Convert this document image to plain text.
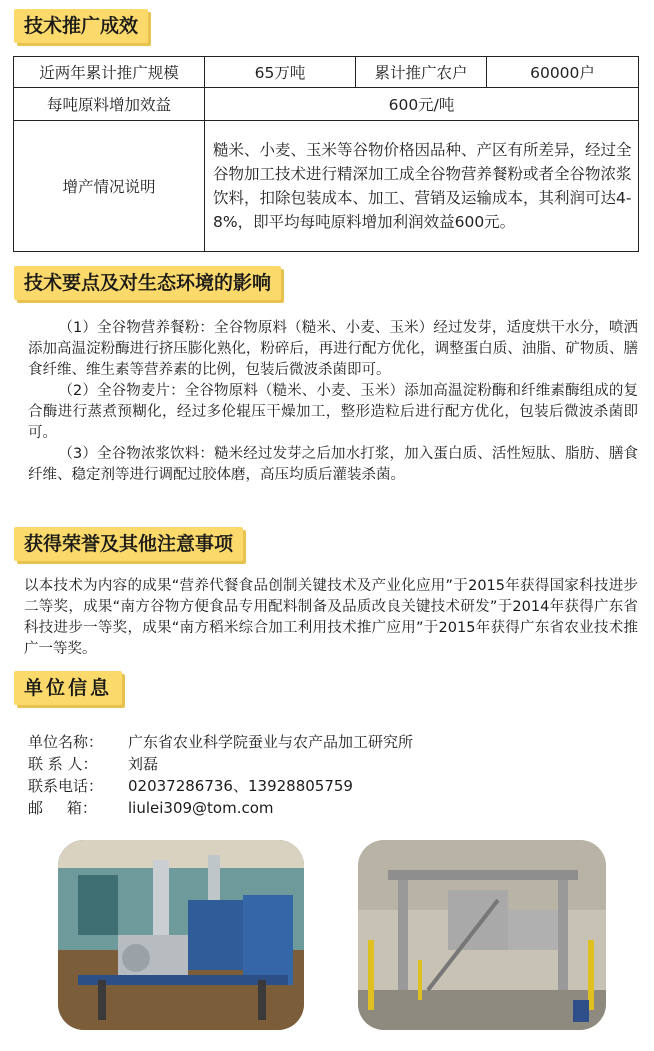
技术推广成效
近两年累计推广规模	65万吨	累计推广农户	60000户
每吨原料增加效益	600元/吨		
增产情况说明	糙米、小麦、玉米等谷物价格因品种、产区有所差异，经过全谷物加工技术进行精深加工成全谷物营养餐粉或者全谷物浓浆饮料，扣除包装成本、加工、营销及运输成本，其利润可达4-8%，即平均每吨原料增加利润效益600元。		
技术要点及对生态环境的影响

（1）全谷物营养餐粉：全谷物原料（糙米、小麦、玉米）经过发芽，适度烘干水分，喷洒添加高温淀粉酶进行挤压膨化熟化，粉碎后，再进行配方优化，调整蛋白质、油脂、矿物质、膳食纤维、维生素等营养素的比例，包装后微波杀菌即可。

（2）全谷物麦片：全谷物原料（糙米、小麦、玉米）添加高温淀粉酶和纤维素酶组成的复合酶进行蒸煮预糊化，经过多伦辊压干燥加工，整形造粒后进行配方优化，包装后微波杀菌即可。

（3）全谷物浓浆饮料：糙米经过发芽之后加水打浆，加入蛋白质、活性短肽、脂肪、膳食纤维、稳定剂等进行调配过胶体磨，高压均质后灌装杀菌。

获得荣誉及其他注意事项

以本技术为内容的成果“营养代餐食品创制关键技术及产业化应用”于2015年获得国家科技进步二等奖，成果“南方谷物方便食品专用配料制备及品质改良关键技术研发”于2014年获得广东省科技进步一等奖，成果“南方稻米综合加工利用技术推广应用”于2015年获得广东省农业技术推广一等奖。

单位信息
单位名称：	广东省农业科学院蚕业与农产品加工研究所
联 系 人：	刘磊
联系电话：	02037286736、13928805759
邮     箱：	liulei309@tom.com
